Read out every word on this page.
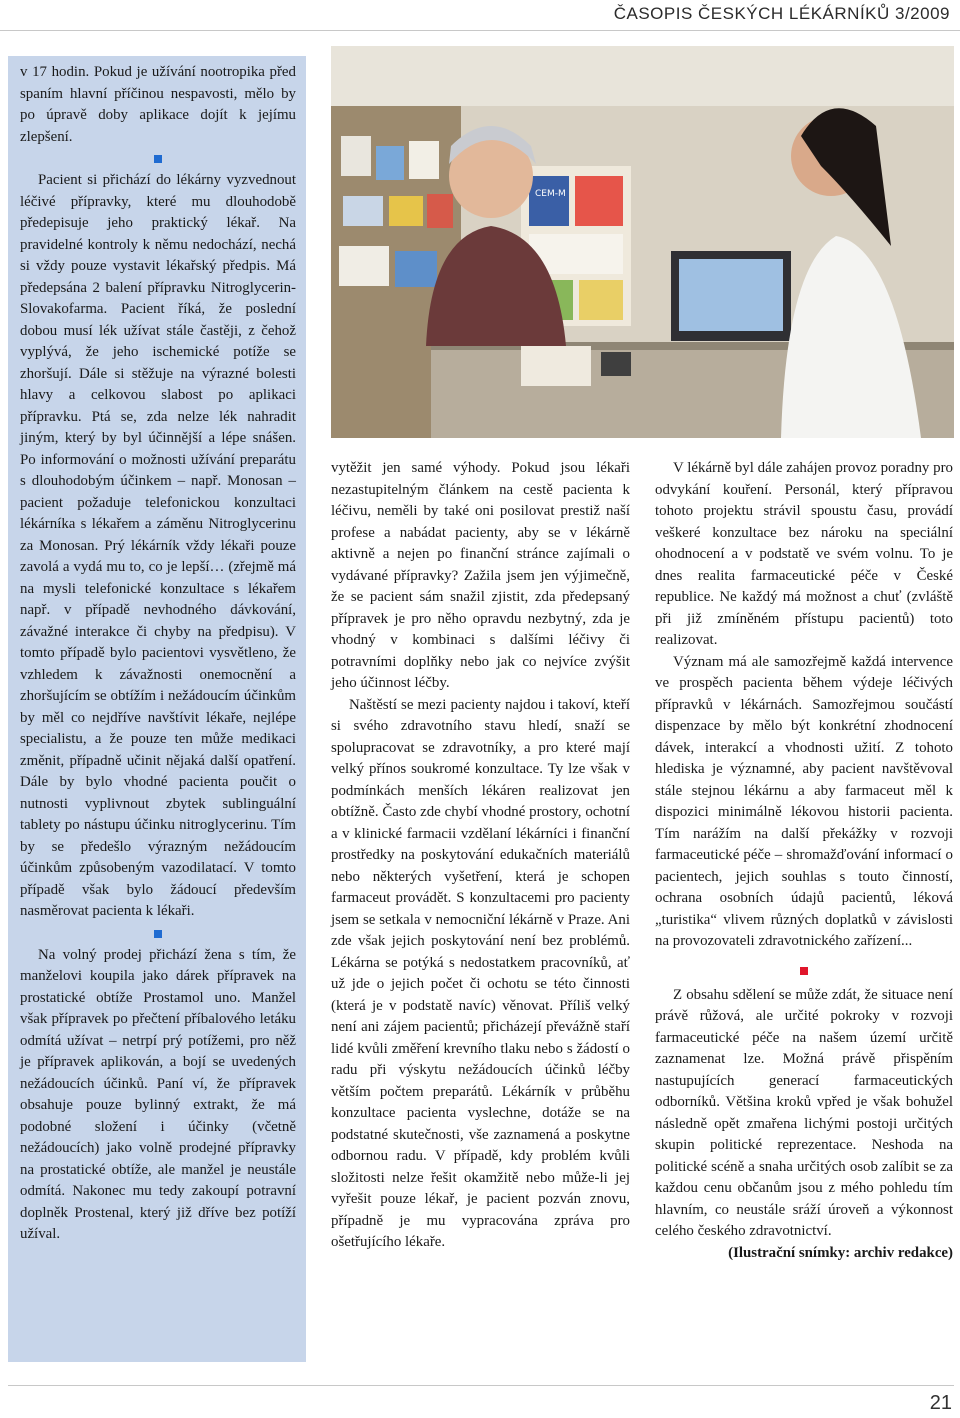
ČASOPIS ČESKÝCH LÉKÁRNÍKŮ 3/2009

v 17 hodin. Pokud je užívání nootropika před spaním hlavní příčinou nespavosti, mělo by po úpravě doby aplikace dojít k jejímu zlepšení.

Pacient si přichází do lékárny vyzvednout léčivé přípravky, které mu dlouhodobě předepisuje jeho praktický lékař. Na pravidelné kontroly k němu nedochází, nechá si vždy pouze vystavit lékařský předpis. Má předepsána 2 balení přípravku Nitroglycerin-Slovakofarma. Pacient říká, že poslední dobou musí lék užívat stále častěji, z čehož vyplývá, že jeho ischemické potíže se zhoršují. Dále si stěžuje na výrazné bolesti hlavy a celkovou slabost po aplikaci přípravku. Ptá se, zda nelze lék nahradit jiným, který by byl účinnější a lépe snášen. Po informování o možnosti užívání preparátu s dlouhodobým účinkem – např. Monosan – pacient požaduje telefonickou konzultaci lékárníka s lékařem a záměnu Nitroglycerinu za Monosan. Prý lékárník vždy lékaři pouze zavolá a vydá mu to, co je lepší… (zřejmě má na mysli telefonické konzultace s lékařem např. v případě nevhodného dávkování, závažné interakce či chyby na předpisu). V tomto případě bylo pacientovi vysvětleno, že vzhledem k závažnosti onemocnění a zhoršujícím se obtížím i nežádoucím účinkům by měl co nejdříve navštívit lékaře, nejlépe specialistu, a že pouze ten může medikaci změnit, případně učinit nějaká další opatření. Dále by bylo vhodné pacienta poučit o nutnosti vyplivnout zbytek sublinguální tablety po nástupu účinku nitroglycerinu. Tím by se předešlo výrazným nežádoucím účinkům způsobeným vazodilatací. V tomto případě však bylo žádoucí především nasměrovat pacienta k lékaři.

Na volný prodej přichází žena s tím, že manželovi koupila jako dárek přípravek na prostatické obtíže Prostamol uno. Manžel však přípravek po přečtení příbalového letáku odmítá užívat – netrpí prý potížemi, pro něž je přípravek aplikován, a bojí se uvedených nežádoucích účinků. Paní ví, že přípravek obsahuje pouze bylinný extrakt, že má podobné složení i účinky (včetně nežádoucích) jako volně prodejné přípravky na prostatické obtíže, ale manžel je neustále odmítá. Nakonec mu tedy zakoupí potravní doplněk Prostenal, který již dříve bez potíží užíval.

CEM-M

vytěžit jen samé výhody. Pokud jsou lékaři nezastupitelným článkem na cestě pacienta k léčivu, neměli by také oni posilovat prestiž naší profese a nabádat pacienty, aby se v lékárně aktivně a nejen po finanční stránce zajímali o vydávané přípravky? Zažila jsem jen výjimečně, že se pacient sám snažil zjistit, zda předepsaný přípravek je pro něho opravdu nezbytný, zda je vhodný v kombinaci s dalšími léčivy či potravními doplňky nebo jak co nejvíce zvýšit jeho účinnost léčby.

Naštěstí se mezi pacienty najdou i takoví, kteří si svého zdravotního stavu hledí, snaží se spolupracovat se zdravotníky, a pro které mají velký přínos soukromé konzultace. Ty lze však v podmínkách menších lékáren realizovat jen obtížně. Často zde chybí vhodné prostory, ochotní a v klinické farmacii vzdělaní lékárníci i finanční prostředky na poskytování edukačních materiálů nebo některých vyšetření, která je schopen farmaceut provádět. S konzultacemi pro pacienty jsem se setkala v nemocniční lékárně v Praze. Ani zde však jejich poskytování není bez problémů. Lékárna se potýká s nedostatkem pracovníků, ať už jde o jejich počet či ochotu se této činnosti (která je v podstatě navíc) věnovat. Příliš velký není ani zájem pacientů; přicházejí převážně staří lidé kvůli změření krevního tlaku nebo s žádostí o radu při výskytu nežádoucích účinků léčby větším počtem preparátů. Lékárník v průběhu konzultace pacienta vyslechne, dotáže se na podstatné skutečnosti, vše zaznamená a poskytne odbornou radu. V případě, kdy problém kvůli složitosti nelze řešit okamžitě nebo může-li jej vyřešit pouze lékař, je pacient pozván znovu, případně je mu vypracována zpráva pro ošetřujícího lékaře.

V lékárně byl dále zahájen provoz poradny pro odvykání kouření. Personál, který přípravou tohoto projektu strávil spoustu času, provádí veškeré konzultace bez nároku na speciální ohodnocení a v podstatě ve svém volnu. To je dnes realita farmaceutické péče v České republice. Ne každý má možnost a chuť (zvláště při již zmíněném přístupu pacientů) toto realizovat.

Význam má ale samozřejmě každá intervence ve prospěch pacienta během výdeje léčivých přípravků v lékárnách. Samozřejmou součástí dispenzace by mělo být konkrétní zhodnocení dávek, interakcí a vhodnosti užití. Z tohoto hlediska je významné, aby pacient navštěvoval stále stejnou lékárnu a aby farmaceut měl k dispozici minimálně lékovou historii pacienta. Tím narážím na další překážky v rozvoji farmaceutické péče – shromažďování informací o pacientech, jejich souhlas s touto činností, ochrana osobních údajů pacientů, léková „turistika“ vlivem různých doplatků v závislosti na provozovateli zdravotnického zařízení...

Z obsahu sdělení se může zdát, že situace není právě růžová, ale určité pokroky v rozvoji farmaceutické péče na našem území určitě zaznamenat lze. Možná právě přispěním nastupujících generací farmaceutických odborníků. Většina kroků vpřed je však bohužel následně opět zmařena lichými postoji určitých skupin politické reprezentace. Neshoda na politické scéně a snaha určitých osob zalíbit se za každou cenu občanům jsou z mého pohledu tím hlavním, co neustále sráží úroveň a výkonnost celého českého zdravotnictví.

(Ilustrační snímky: archiv redakce)

21
